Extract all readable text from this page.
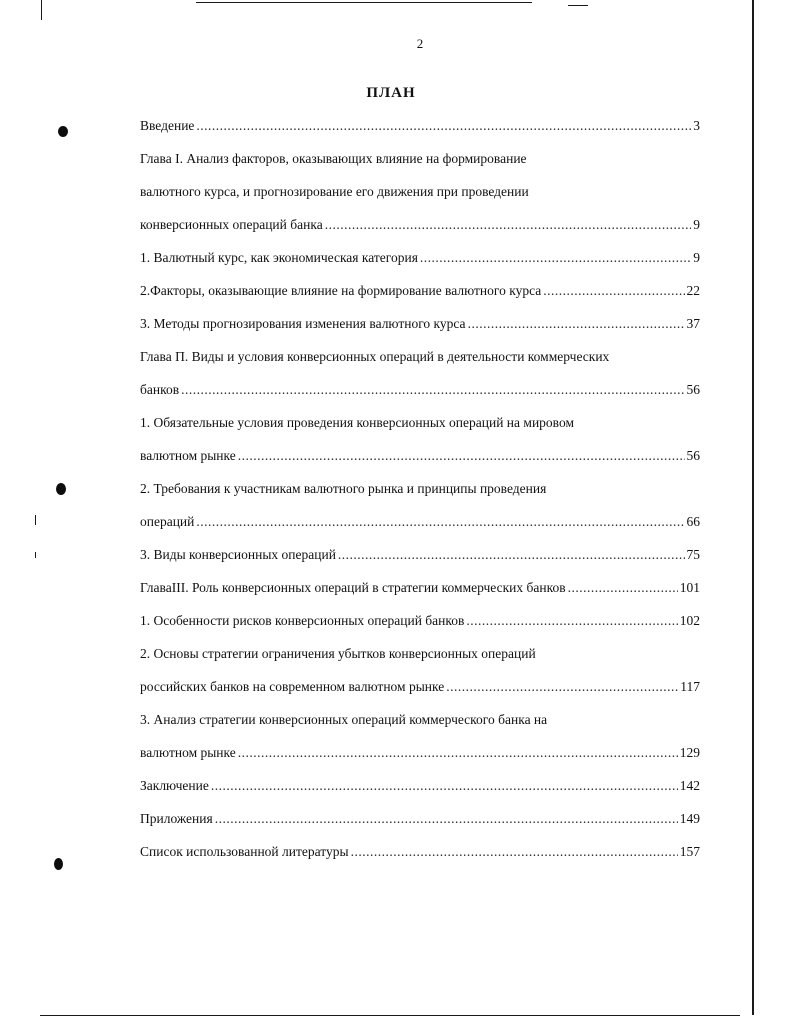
2
ПЛАН
Введение .....	3
Глава I. Анализ факторов, оказывающих влияние на формирование
валютного курса, и прогнозирование его движения при проведении
конверсионных операций банка .....	9
1. Валютный курс, как экономическая категория .....	9
2.Факторы, оказывающие влияние на формирование валютного курса .....	22
3. Методы прогнозирования изменения валютного курса .....	37
Глава П. Виды и условия конверсионных операций в деятельности коммерческих
банков .....	56
1. Обязательные условия проведения конверсионных операций на мировом
валютном рынке .....	56
2. Требования к участникам валютного рынка и принципы проведения
операций .....	66
3. Виды конверсионных операций .....	75
ГлаваIII. Роль конверсионных операций в стратегии коммерческих банков .....	101
1. Особенности рисков конверсионных операций банков .....	102
2. Основы стратегии ограничения убытков конверсионных операций
российских банков на современном валютном рынке .....	117
3. Анализ стратегии конверсионных операций коммерческого банка на
валютном рынке .....	129
Заключение .....	142
Приложения .....	149
Список использованной литературы .....	157
